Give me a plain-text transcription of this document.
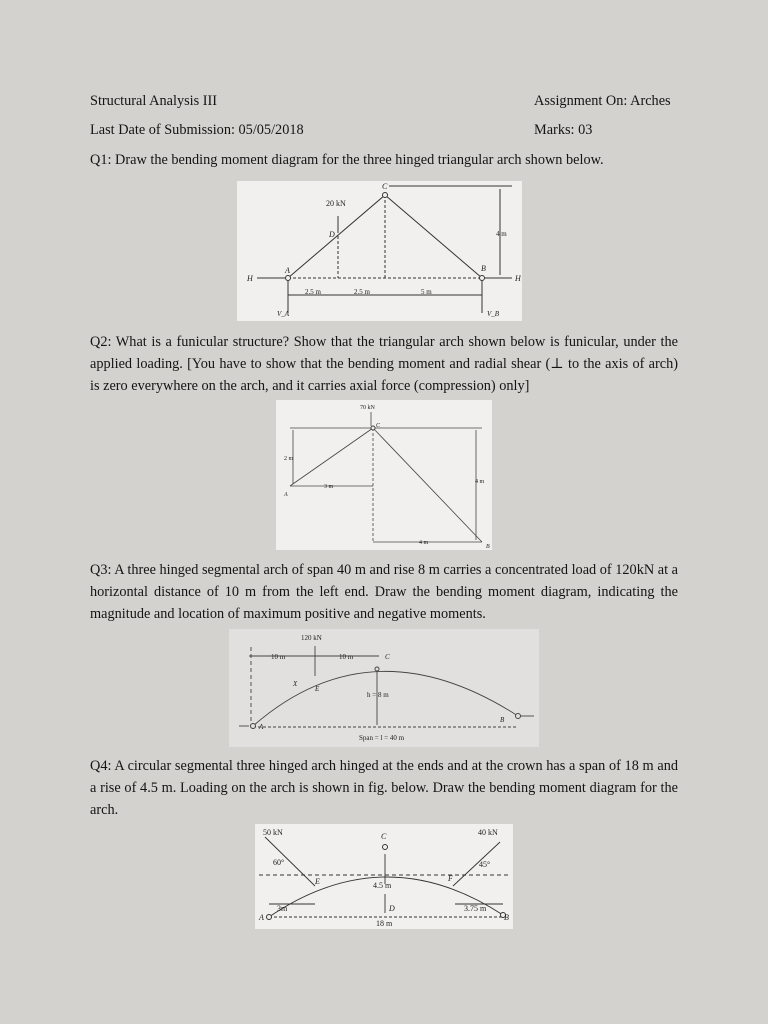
Structural Analysis III	Assignment On: Arches
Last Date of Submission: 05/05/2018	Marks: 03
Q1: Draw the bending moment diagram for the three hinged triangular arch shown below.
20 kN
C
D
A	B
H	H
4 m
2.5 m	2.5 m	5 m
V_A	V_B
Q2: What is a funicular structure? Show that the triangular arch shown below is funicular, under the applied loading. [You have to show that the bending moment and radial shear (⊥ to the axis of arch) is zero everywhere on the arch, and it carries axial force (compression) only]
70 kN
C
A
B
2 m
4 m
3 m
4 m
Q3: A three hinged segmental arch of span 40 m and rise 8 m carries a concentrated load of 120kN at a horizontal distance of 10 m from the left end. Draw the bending moment diagram, indicating the magnitude and location of maximum positive and negative moments.
120 kN
10 m	10 m	C
X
E
A
B
h = 8 m
Span = l = 40 m
Q4: A circular segmental three hinged arch hinged at the ends and at the crown has a span of 18 m and a rise of 4.5 m. Loading on the arch is shown in fig. below. Draw the bending moment diagram for the arch.
50 kN	40 kN
C
60°	45°
E	F
4.5 m
3m	3.75 m
D
A	B
18 m
